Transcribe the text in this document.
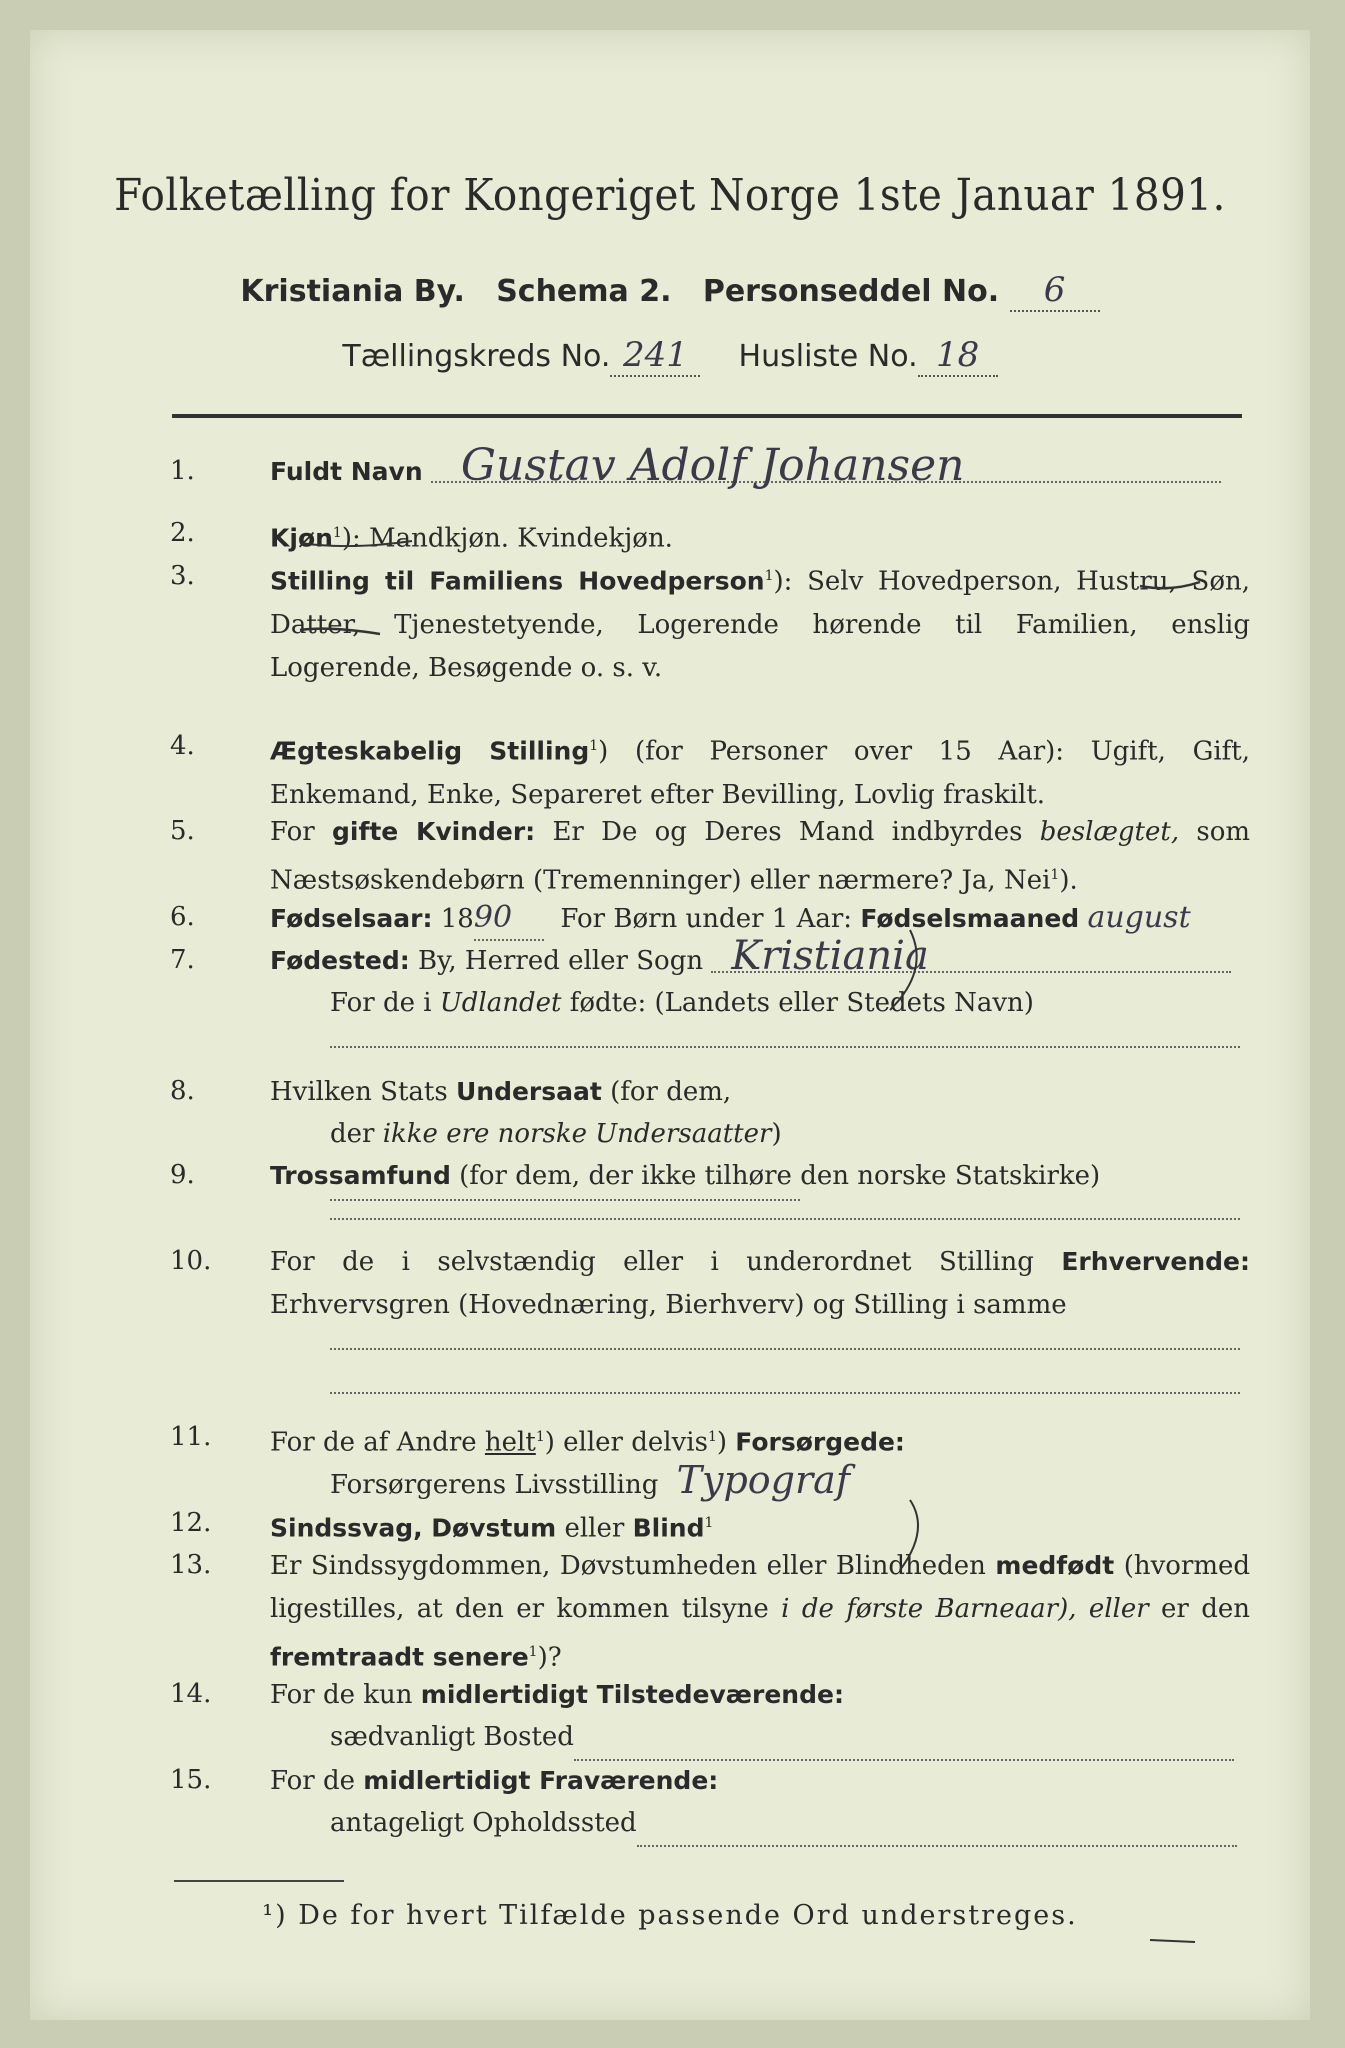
Folketælling for Kongeriget Norge 1ste Januar 1891.
Kristiania By. Schema 2. Personseddel No. 6
Tællingskreds No. 241 Husliste No. 18
1.	Fuldt Navn Gustav Adolf Johansen
2.	Kjøn$^1$): Mandkjøn. Kvindekjøn.
3.	Stilling til Familiens Hovedperson$^1$): Selv Hovedperson, Hustru, Søn, Datter, Tjenestetyende, Logerende hørende til Familien, enslig Logerende, Besøgende o. s. v.
4.	Ægteskabelig Stilling$^1$) (for Personer over 15 Aar): Ugift, Gift, Enkemand, Enke, Separeret efter Bevilling, Lovlig fraskilt.
5.	For gifte Kvinder: Er De og Deres Mand indbyrdes beslægtet, som Næstsøskendebørn (Tremenninger) eller nærmere? Ja, Nei$^1$).
6.	Fødselsaar: 1890 For Børn under 1 Aar: Fødselsmaaned august
7.	Fødested: By, Herred eller Sogn Kristiania
For de i Udlandet fødte: (Landets eller Stedets Navn)
8.	Hvilken Stats Undersaat (for dem,
der ikke ere norske Undersaatter)
9.	Trossamfund (for dem, der ikke tilhøre den norske Statskirke)
10.	For de i selvstændig eller i underordnet Stilling Erhvervende: Erhvervsgren (Hovednæring, Bierhverv) og Stilling i samme
11.	For de af Andre helt$^1$) eller delvis$^1$) Forsørgede:
Forsørgerens Livsstilling Typograf
12.	Sindssvag, Døvstum eller Blind$^1$
13.	Er Sindssygdommen, Døvstumheden eller Blindheden medfødt (hvormed ligestilles, at den er kommen tilsyne i de første Barneaar), eller er den fremtraadt senere$^1$)?
14.	For de kun midlertidigt Tilstedeværende:
sædvanligt Bosted
15.	For de midlertidigt Fraværende:
antageligt Opholdssted
¹) De for hvert Tilfælde passende Ord understreges.
